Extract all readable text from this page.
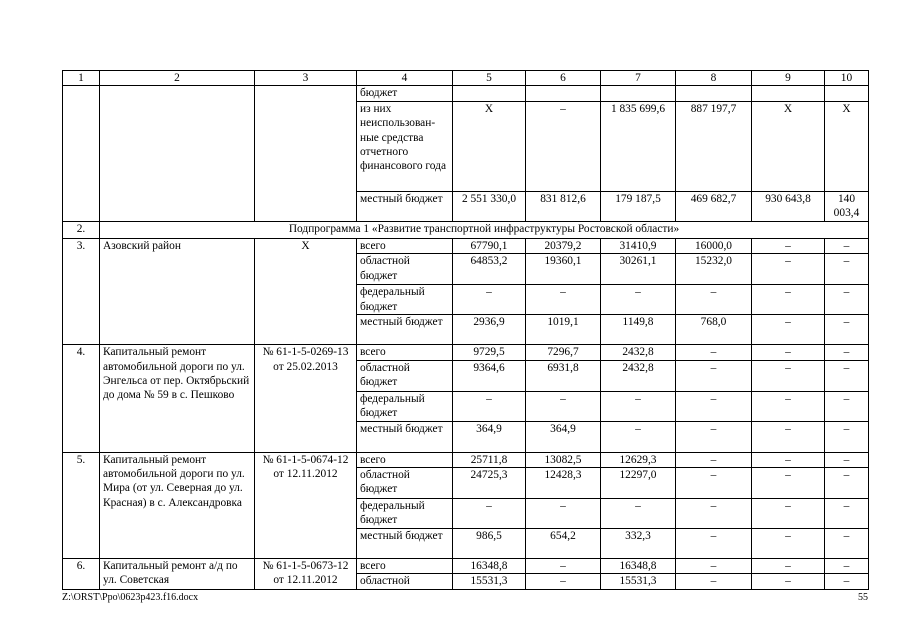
1	2	3	4	5	6	7	8	9	10
			бюджет						
			из них неиспользован-ные средства отчетного финансового года	Х	–	1 835 699,6	887 197,7	Х	Х
			местный бюджет	2 551 330,0	831 812,6	179 187,5	469 682,7	930 643,8	140 003,4
2.	Подпрограмма 1 «Развитие транспортной инфраструктуры Ростовской области»								
3.	Азовский район	Х	всего	67790,1	20379,2	31410,9	16000,0	–	–
			областной бюджет	64853,2	19360,1	30261,1	15232,0	–	–
			федеральный бюджет	–	–	–	–	–	–
			местный бюджет	2936,9	1019,1	1149,8	768,0	–	–
4.	Капитальный ремонт автомобильной дороги по ул. Энгельса от пер. Октябрьский до дома № 59 в с. Пешково	№ 61-1-5-0269-13 от 25.02.2013	всего	9729,5	7296,7	2432,8	–	–	–
			областной бюджет	9364,6	6931,8	2432,8	–	–	–
			федеральный бюджет	–	–	–	–	–	–
			местный бюджет	364,9	364,9	–	–	–	–
5.	Капитальный ремонт автомобильной дороги по ул. Мира (от ул. Северная до ул. Красная) в с. Александровка	№ 61-1-5-0674-12 от 12.11.2012	всего	25711,8	13082,5	12629,3	–	–	–
			областной бюджет	24725,3	12428,3	12297,0	–	–	–
			федеральный бюджет	–	–	–	–	–	–
			местный бюджет	986,5	654,2	332,3	–	–	–
6.	Капитальный ремонт а/д по ул. Советская	№ 61-1-5-0673-12 от 12.11.2012	всего	16348,8	–	16348,8	–	–	–
			областной	15531,3	–	15531,3	–	–	–
Z:\ORST\Ppo\0623p423.f16.docx	55
